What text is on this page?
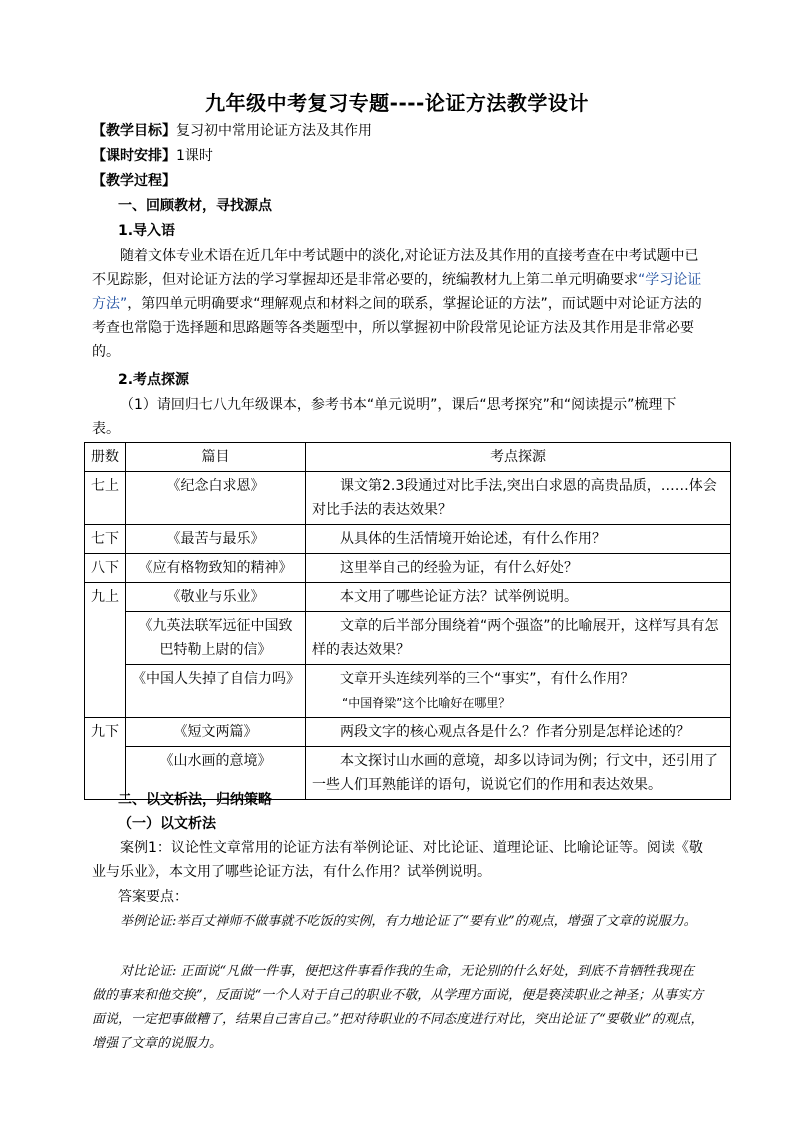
九年级中考复习专题----论证方法教学设计
【教学目标】复习初中常用论证方法及其作用
【课时安排】1课时
【教学过程】
一、回顾教材，寻找源点
1.导入语
随着文体专业术语在近几年中考试题中的淡化,对论证方法及其作用的直接考查在中考试题中已不见踪影，但对论证方法的学习掌握却还是非常必要的，统编教材九上第二单元明确要求“学习论证方法”，第四单元明确要求“理解观点和材料之间的联系，掌握论证的方法”，而试题中对论证方法的考查也常隐于选择题和思路题等各类题型中，所以掌握初中阶段常见论证方法及其作用是非常必要的。
2.考点探源
（1）请回归七八九年级课本，参考书本“单元说明”，课后“思考探究”和“阅读提示”梳理下表。
册数	篇目	考点探源
七上	《纪念白求恩》	课文第2.3段通过对比手法,突出白求恩的高贵品质，……体会对比手法的表达效果？
七下	《最苦与最乐》	从具体的生活情境开始论述，有什么作用？
八下	《应有格物致知的精神》	这里举自己的经验为证，有什么好处？
九上	《敬业与乐业》	本文用了哪些论证方法？试举例说明。
	《九英法联军远征中国致巴特勒上尉的信》	文章的后半部分围绕着“两个强盗”的比喻展开，这样写具有怎样的表达效果？
	《中国人失掉了自信力吗》	文章开头连续列举的三个“事实”，有什么作用？
“中国脊梁”这个比喻好在哪里？

九下	《短文两篇》	两段文字的核心观点各是什么？作者分别是怎样论述的？
	《山水画的意境》	本文探讨山水画的意境，却多以诗词为例；行文中，还引用了一些人们耳熟能详的语句，说说它们的作用和表达效果。
二、以文析法，归纳策略
（一）以文析法
案例1：议论性文章常用的论证方法有举例论证、对比论证、道理论证、比喻论证等。阅读《敬业与乐业》，本文用了哪些论证方法，有什么作用？试举例说明。
答案要点：
举例论证:举百丈禅师不做事就不吃饭的实例，有力地论证了“要有业”的观点，增强了文章的说服力。
对比论证: 正面说“凡做一件事，便把这件事看作我的生命，无论别的什么好处，到底不肯牺牲我现在做的事来和他交换”，反面说“一个人对于自己的职业不敬，从学理方面说，便是亵渎职业之神圣；从事实方面说，一定把事做糟了，结果自己害自己。”把对待职业的不同态度进行对比，突出论证了“要敬业”的观点，增强了文章的说服力。
